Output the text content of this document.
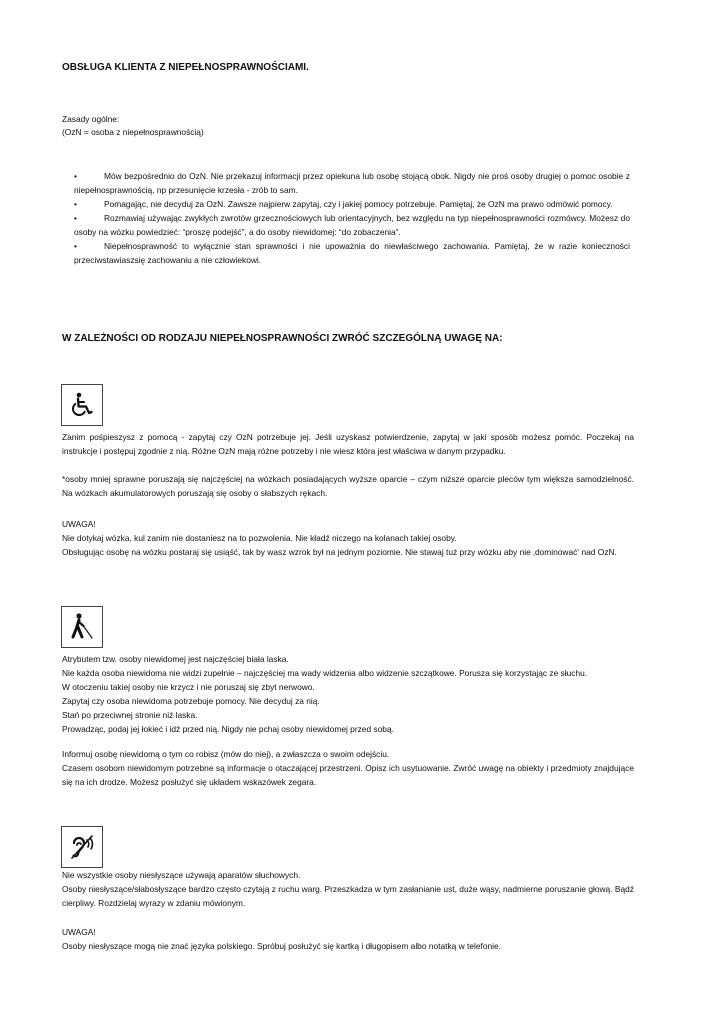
OBSŁUGA KLIENTA Z NIEPEŁNOSPRAWNOŚCIAMI.
Zasady ogólne:
(OzN = osoba z niepełnosprawnością)
•	Mów bezpośrednio do OzN. Nie przekazuj informacji przez opiekuna lub osobę stojącą obok. Nigdy nie proś osoby drugiej o pomoc osobie z niepełnosprawnością, np przesunięcie krzesła - zrób to sam.

•	Pomagając, nie decyduj za OzN. Zawsze najpierw zapytaj, czy i jakiej pomocy potrzebuje. Pamiętaj, że OzN ma prawo odmówić pomocy.

•	Rozmawiaj używając zwykłych zwrotów grzecznościowych lub orientacyjnych, bez względu na typ niepełnosprawności rozmówcy. Możesz do osoby na wózku powiedzieć: “proszę podejść”, a do osoby niewidomej: “do zobaczenia”.

•	Niepełnosprawność to wyłącznie stan sprawności i nie upoważnia do niewłaściwego zachowania. Pamiętaj, że w razie konieczności przeciwstawiaszsię zachowaniu a nie człowiekowi.

W ZALEŻNOŚCI OD RODZAJU NIEPEŁNOSPRAWNOŚCI ZWRÓĆ SZCZEGÓLNĄ UWAGĘ NA:
Zanim pośpieszysz z pomocą - zapytaj czy OzN potrzebuje jej. Jeśli uzyskasz potwierdzenie, zapytaj w jaki sposób możesz pomóc. Poczekaj na instrukcje i postępuj zgodnie z nią. Różne OzN mają różne potrzeby i nie wiesz która jest właściwa w danym przypadku.
*osoby mniej sprawne poruszają się najczęściej na wózkach posiadających wyższe oparcie – czym niższe oparcie pleców tym większa samodzielność. Na wózkach akumulatorowych poruszają się osoby o słabszych rękach.
UWAGA!
Nie dotykaj wózka, kul zanim nie dostaniesz na to pozwolenia. Nie kładź niczego na kolanach takiej osoby.
Obsługując osobę na wózku postaraj się usiąść, tak by wasz wzrok był na jednym poziomie. Nie stawaj tuż przy wózku aby nie ‚dominować‘ nad OzN.

Atrybutem tzw. osoby niewidomej jest najczęściej biała laska.

Nie każda osoba niewidoma nie widzi zupełnie – najczęściej ma wady widzenia albo widzenie szczątkowe. Porusza się korzystając ze słuchu.

W otoczeniu takiej osoby nie krzycz i nie poruszaj się zbyt nerwowo.

Zapytaj czy osoba niewidoma potrzebuje pomocy. Nie decyduj za nią.

Stań po przeciwnej stronie niż laska.

Prowadząc, podaj jej łokieć i idź przed nią. Nigdy nie pchaj osoby niewidomej przed sobą.

Informuj osobę niewidomą o tym co robisz (mów do niej), a zwłaszcza o swoim odejściu.
Czasem osobom niewidomym potrzebne są informacje o otaczającej przestrzeni. Opisz ich usytuowanie. Zwróć uwagę na obiekty i przedmioty znajdujące się na ich drodze. Możesz posłużyć się układem wskazówek zegara.
Nie wszystkie osoby niesłyszące używają aparatów słuchowych.
Osoby niesłyszące/słabosłyszące bardzo często czytają z ruchu warg. Przeszkadza w tym zasłanianie ust, duże wąsy, nadmierne poruszanie głową. Bądź cierpliwy. Rozdzielaj wyrazy w zdaniu mówionym.
UWAGA!
Osoby niesłyszące mogą nie znać języka polskiego. Spróbuj posłużyć się kartką i długopisem albo notatką w telefonie.
